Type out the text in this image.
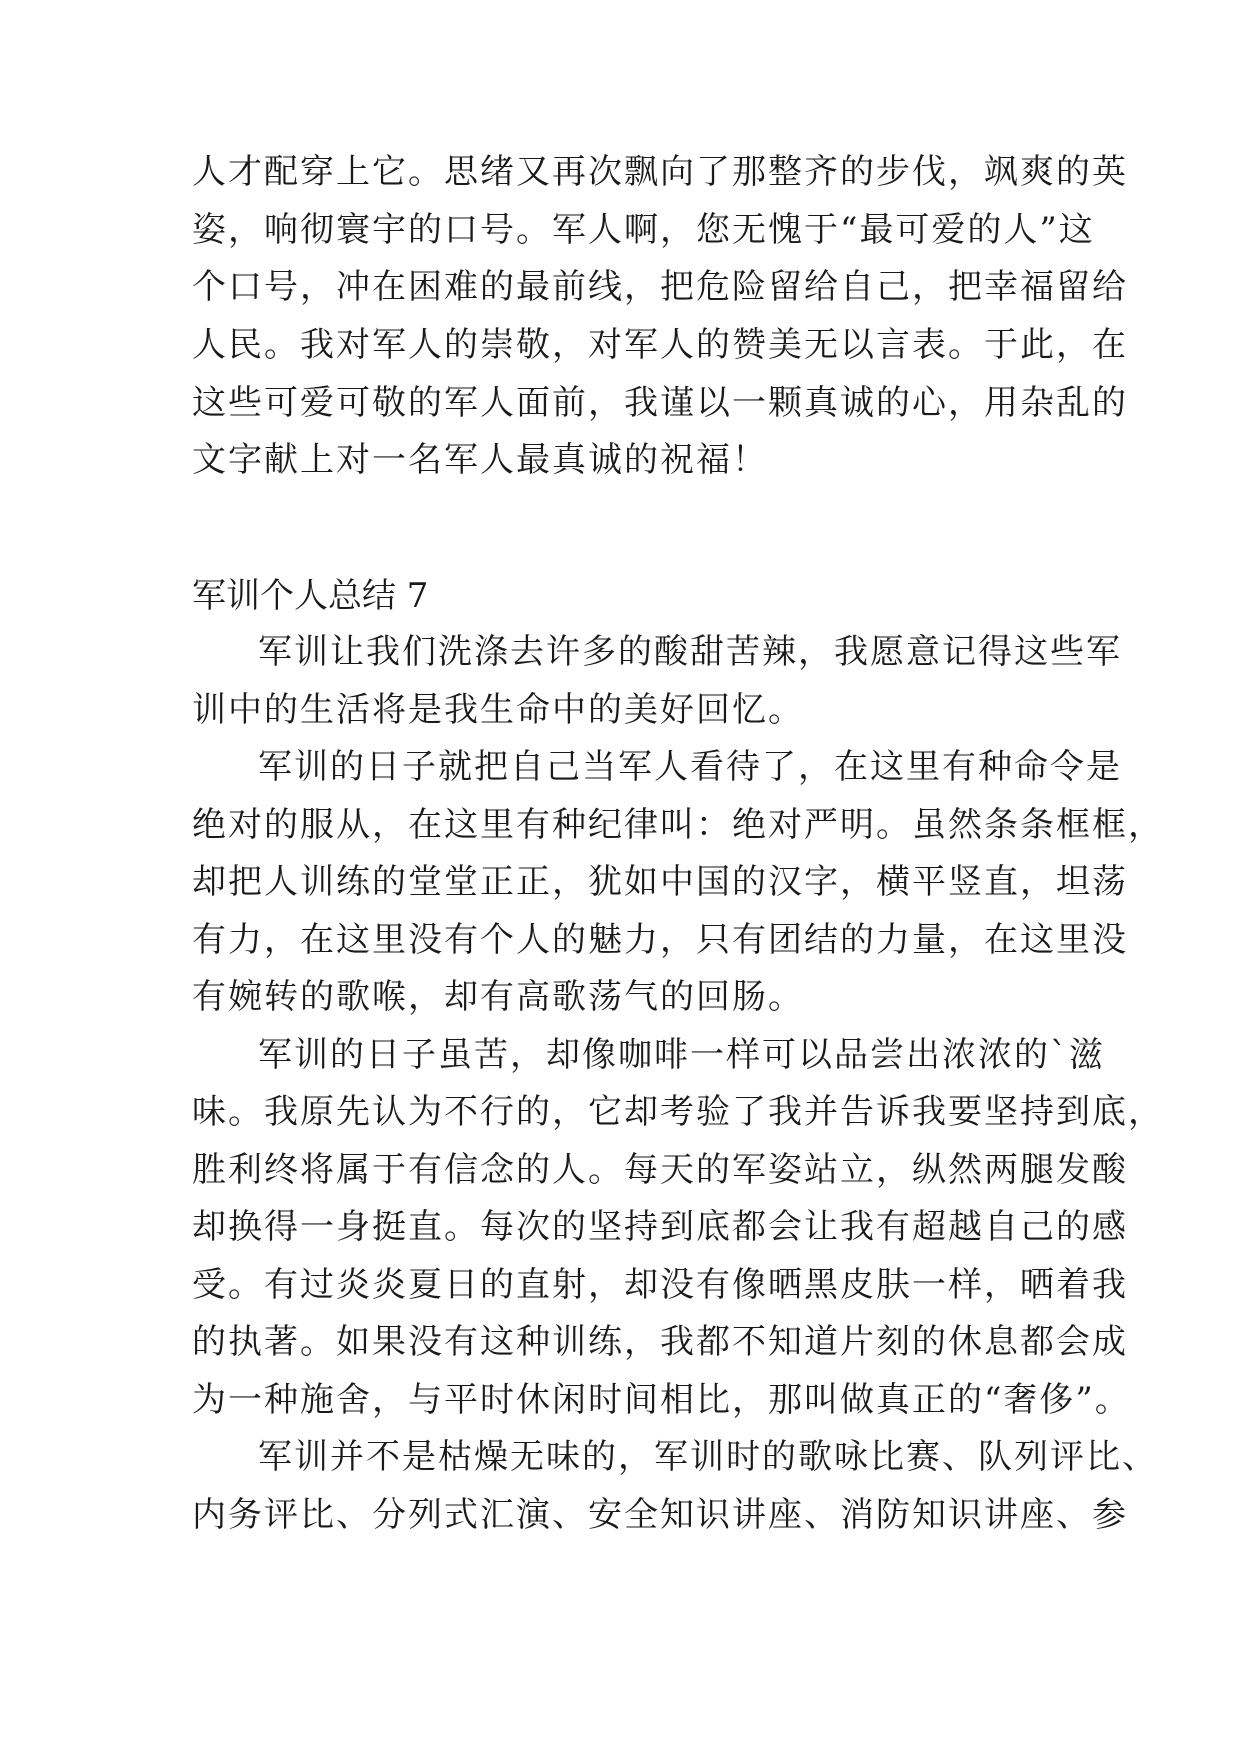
人才配穿上它。思绪又再次飘向了那整齐的步伐，飒爽的英
姿，响彻寰宇的口号。军人啊，您无愧于“最可爱的人”这
个口号，冲在困难的最前线，把危险留给自己，把幸福留给
人民。我对军人的崇敬，对军人的赞美无以言表。于此，在
这些可爱可敬的军人面前，我谨以一颗真诚的心，用杂乱的
文字献上对一名军人最真诚的祝福！
军训个人总结 7
军训让我们洗涤去许多的酸甜苦辣，我愿意记得这些军
训中的生活将是我生命中的美好回忆。
军训的日子就把自己当军人看待了，在这里有种命令是
绝对的服从，在这里有种纪律叫：绝对严明。虽然条条框框，
却把人训练的堂堂正正，犹如中国的汉字，横平竖直，坦荡
有力，在这里没有个人的魅力，只有团结的力量，在这里没
有婉转的歌喉，却有高歌荡气的回肠。
军训的日子虽苦，却像咖啡一样可以品尝出浓浓的`滋
味。我原先认为不行的，它却考验了我并告诉我要坚持到底，
胜利终将属于有信念的人。每天的军姿站立，纵然两腿发酸
却换得一身挺直。每次的坚持到底都会让我有超越自己的感
受。有过炎炎夏日的直射，却没有像晒黑皮肤一样，晒着我
的执著。如果没有这种训练，我都不知道片刻的休息都会成
为一种施舍，与平时休闲时间相比，那叫做真正的“奢侈”。
军训并不是枯燥无味的，军训时的歌咏比赛、队列评比、
内务评比、分列式汇演、安全知识讲座、消防知识讲座、参
